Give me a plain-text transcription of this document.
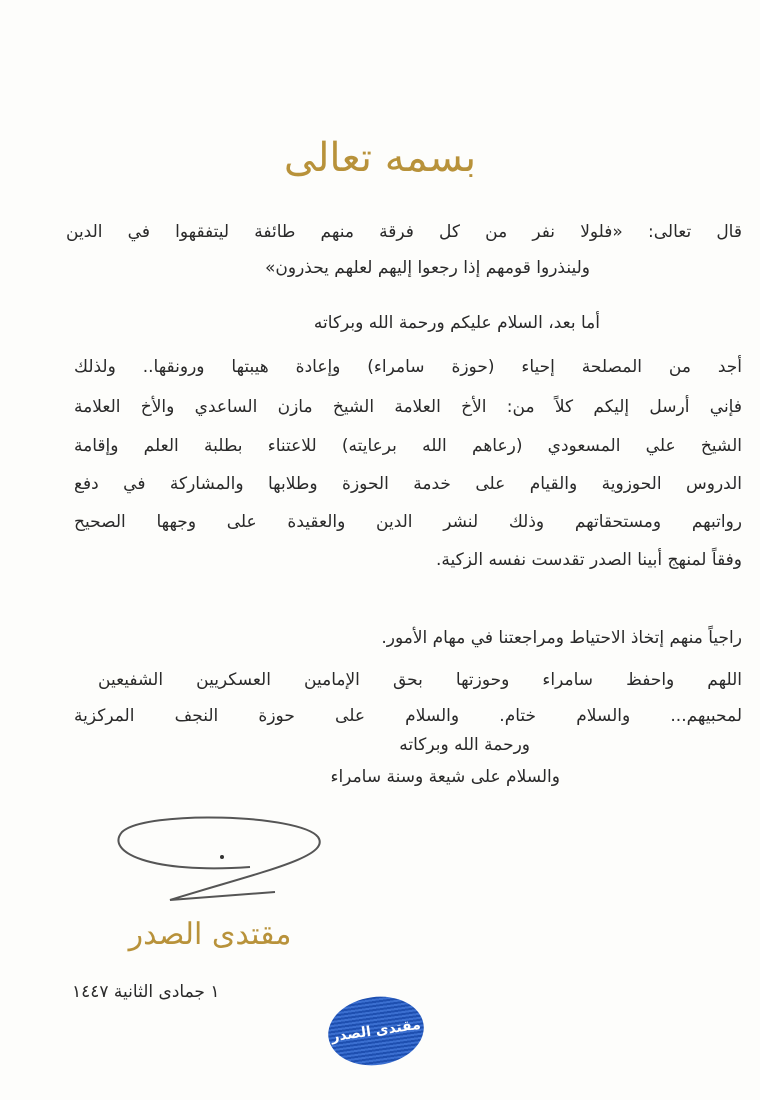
بسمه تعالى
قال تعالى: «فلولا نفر من كل فرقة منهم طائفة ليتفقهوا في الدين
ولينذروا قومهم إذا رجعوا إليهم لعلهم يحذرون»
أما بعد، السلام عليكم ورحمة الله وبركاته
أجد من المصلحة إحياء (حوزة سامراء) وإعادة هيبتها ورونقها.. ولذلك
فإني أرسل إليكم كلاً من: الأخ العلامة الشيخ مازن الساعدي والأخ العلامة
الشيخ علي المسعودي (رعاهم الله برعايته) للاعتناء بطلبة العلم وإقامة
الدروس الحوزوية والقيام على خدمة الحوزة وطلابها والمشاركة في دفع
رواتبهم ومستحقاتهم وذلك لنشر الدين والعقيدة على وجهها الصحيح
وفقاً لمنهج أبينا الصدر تقدست نفسه الزكية.
راجياً منهم إتخاذ الاحتياط ومراجعتنا في مهام الأمور.
اللهم واحفظ سامراء وحوزتها بحق الإمامين العسكريين الشفيعين
لمحبيهم... والسلام ختام. والسلام على حوزة النجف المركزية
ورحمة الله وبركاته
والسلام على شيعة وسنة سامراء
مقتدى الصدر
١ جمادى الثانية ١٤٤٧
مقتدى الصدر
